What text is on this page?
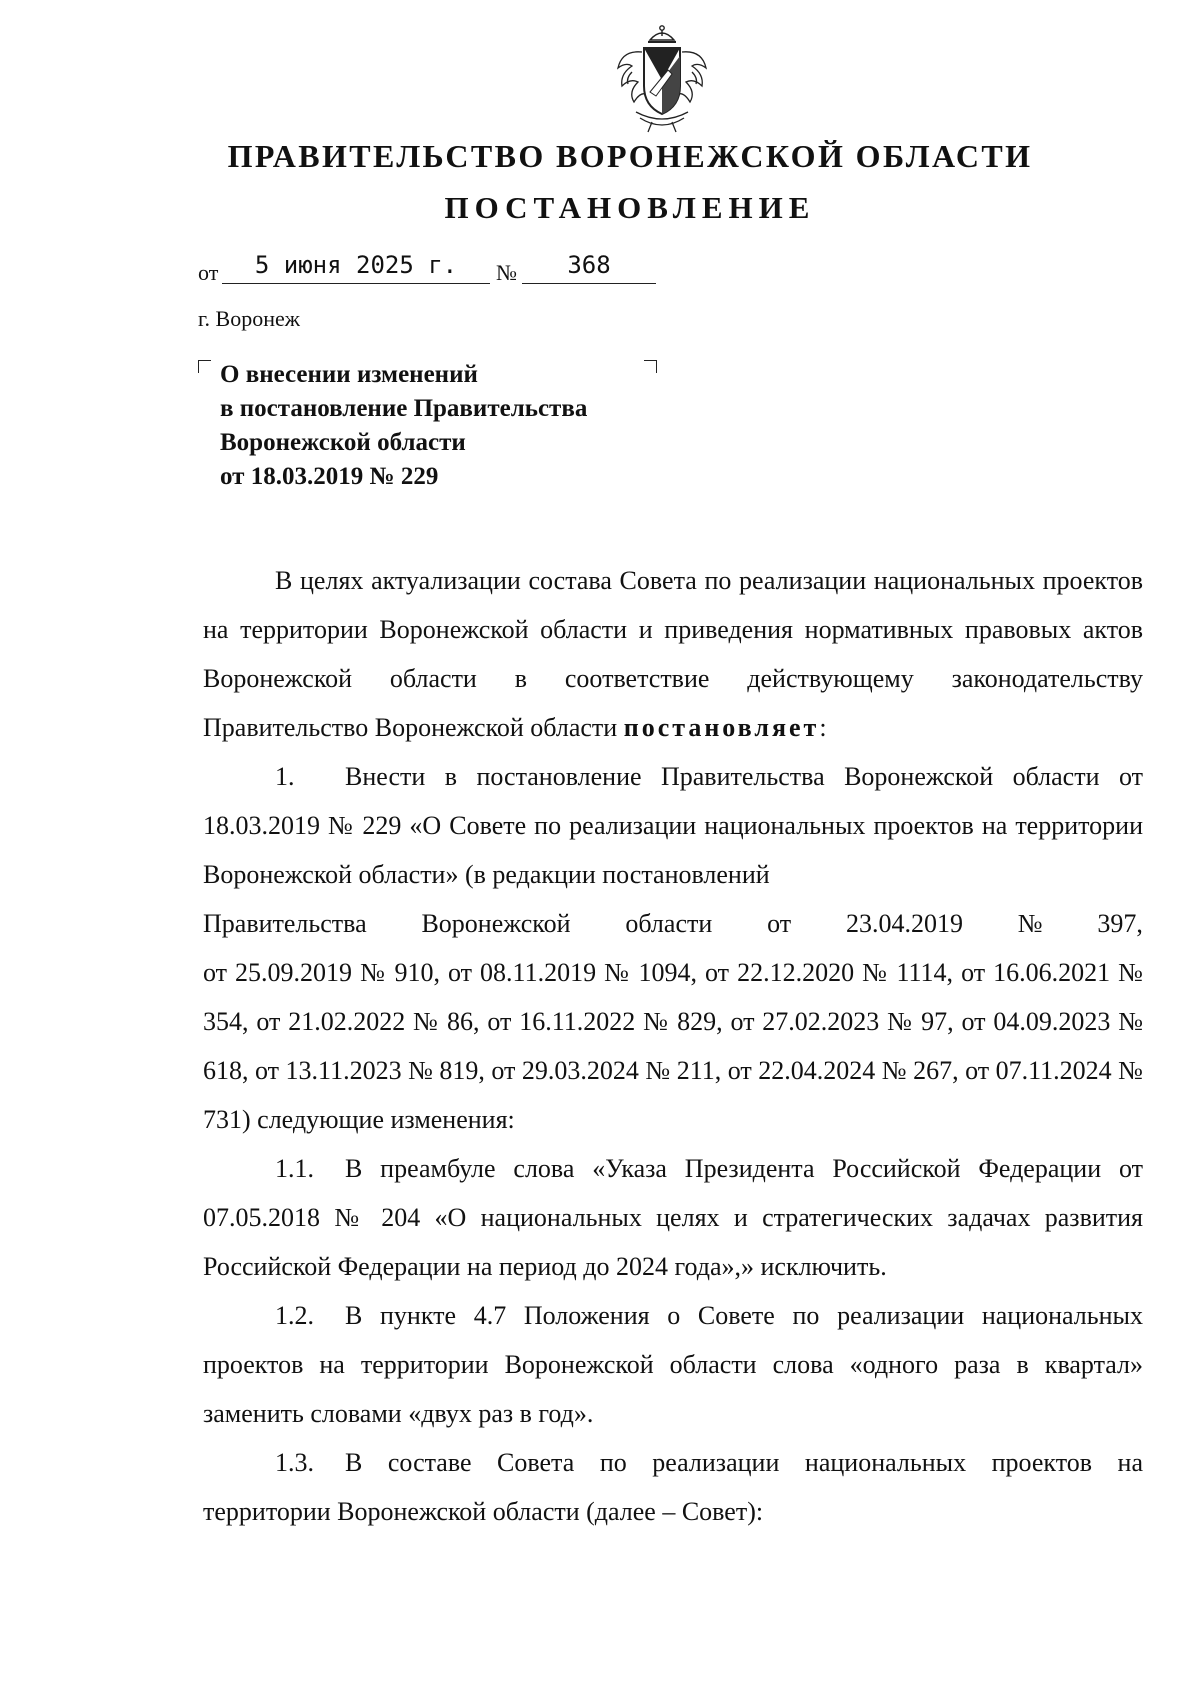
ПРАВИТЕЛЬСТВО ВОРОНЕЖСКОЙ ОБЛАСТИ
ПОСТАНОВЛЕНИЕ
от	5 июня 2025 г.	№	368
г. Воронеж
О внесении изменений
в постановление Правительства
Воронежской области
от 18.03.2019 № 229

В целях актуализации состава Совета по реализации национальных проектов на территории Воронежской области и приведения нормативных правовых актов Воронежской области в соответствие действующему законодательству Правительство Воронежской области постановляет:

1. Внести в постановление Правительства Воронежской области от 18.03.2019 № 229 «О Совете по реализации национальных проектов на территории Воронежской области» (в редакции постановлений

Правительства Воронежской области от 23.04.2019 № 397,

от 25.09.2019 № 910, от 08.11.2019 № 1094, от 22.12.2020 № 1114, от 16.06.2021 № 354, от 21.02.2022 № 86, от 16.11.2022 № 829, от 27.02.2023 № 97, от 04.09.2023 № 618, от 13.11.2023 № 819, от 29.03.2024 № 211, от 22.04.2024 № 267, от 07.11.2024 № 731) следующие изменения:

1.1. В преамбуле слова «Указа Президента Российской Федерации от 07.05.2018 № 204 «О национальных целях и стратегических задачах развития Российской Федерации на период до 2024 года»,» исключить.

1.2. В пункте 4.7 Положения о Совете по реализации национальных проектов на территории Воронежской области слова «одного раза в квартал» заменить словами «двух раз в год».

1.3. В составе Совета по реализации национальных проектов на территории Воронежской области (далее – Совет):
